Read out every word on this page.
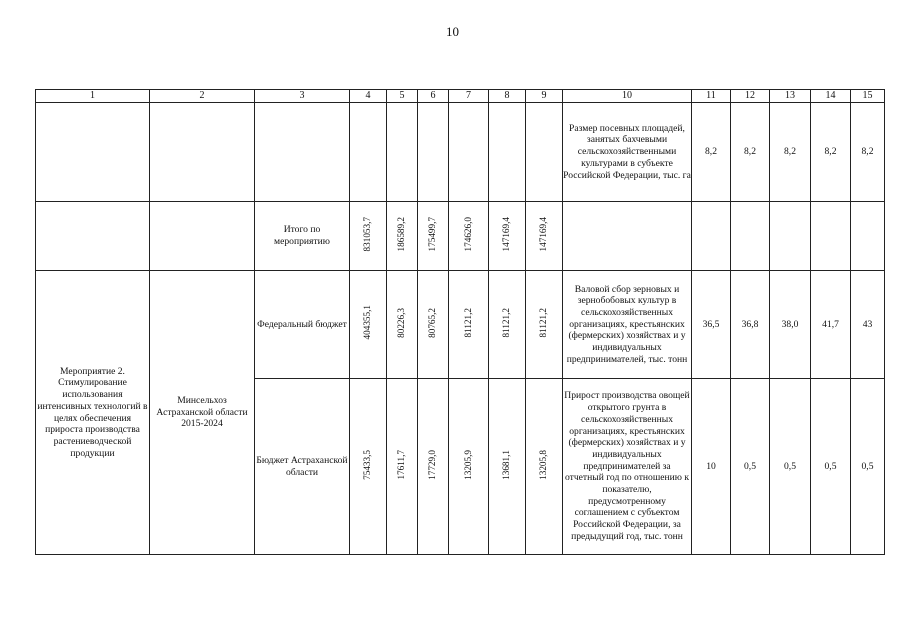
10
1	2	3	4	5	6	7	8	9	10	11	12	13	14	15
									Размер посевных площадей, занятых бахчевыми сельскохозяйственными культурами в субъекте Российской Федерации, тыс. га	8,2	8,2	8,2	8,2	8,2
		Итого по мероприятию	831053,7	186589,2	175499,7	174626,0	147169,4	147169,4						
Мероприятие 2. Стимулирование использования интенсивных технологий в целях обеспечения прироста производства растениеводческой продукции	Минсельхоз Астраханской области 2015-2024	Федеральный бюджет	404355,1	80226,3	80765,2	81121,2	81121,2	81121,2	Валовой сбор зерновых и зернобобовых культур в сельскохозяйственных организациях, крестьянских (фермерских) хозяйствах и у индивидуальных предпринимателей, тыс. тонн	36,5	36,8	38,0	41,7	43
		Бюджет Астраханской области	75433,5	17611,7	17729,0	13205,9	13681,1	13205,8	Прирост производства овощей открытого грунта в сельскохозяйственных организациях, крестьянских (фермерских) хозяйствах и у индивидуальных предпринимателей за отчетный год по отношению к показателю, предусмотренному соглашением с субъектом Российской Федерации, за предыдущий год, тыс. тонн	10	0,5	0,5	0,5	0,5
